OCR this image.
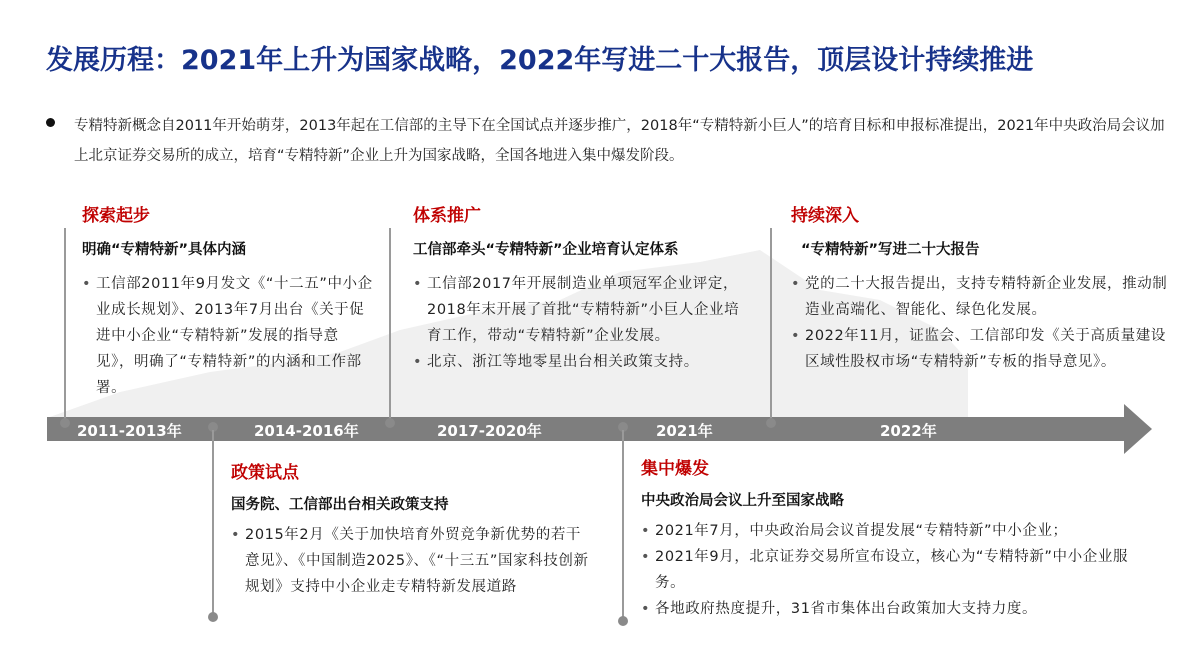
发展历程：2021年上升为国家战略，2022年写进二十大报告，顶层设计持续推进
专精特新概念自2011年开始萌芽，2013年起在工信部的主导下在全国试点并逐步推广，2018年“专精特新小巨人”的培育目标和申报标准提出，2021年中央政治局会议加上北京证券交易所的成立，培育“专精特新”企业上升为国家战略，全国各地进入集中爆发阶段。
2011-2013年	2014-2016年	2017-2020年	2021年	2022年
探索起步
明确“专精特新”具体内涵
• 工信部2011年9月发文《“十二五”中小企业成长规划》、2013年7月出台《关于促进中小企业“专精特新”发展的指导意见》，明确了“专精特新”的内涵和工作部署。
政策试点
国务院、工信部出台相关政策支持
• 2015年2月《关于加快培育外贸竞争新优势的若干意见》、《中国制造2025》、《“十三五”国家科技创新规划》支持中小企业走专精特新发展道路
体系推广
工信部牵头“专精特新”企业培育认定体系
• 工信部2017年开展制造业单项冠军企业评定，2018年末开展了首批“专精特新”小巨人企业培育工作，带动“专精特新”企业发展。
• 北京、浙江等地零星出台相关政策支持。
集中爆发
中央政治局会议上升至国家战略
• 2021年7月，中央政治局会议首提发展“专精特新”中小企业；
• 2021年9月，北京证券交易所宣布设立，核心为“专精特新”中小企业服务。
• 各地政府热度提升，31省市集体出台政策加大支持力度。
持续深入
“专精特新”写进二十大报告
• 党的二十大报告提出，支持专精特新企业发展，推动制造业高端化、智能化、绿色化发展。
• 2022年11月，证监会、工信部印发《关于高质量建设区域性股权市场“专精特新”专板的指导意见》。
